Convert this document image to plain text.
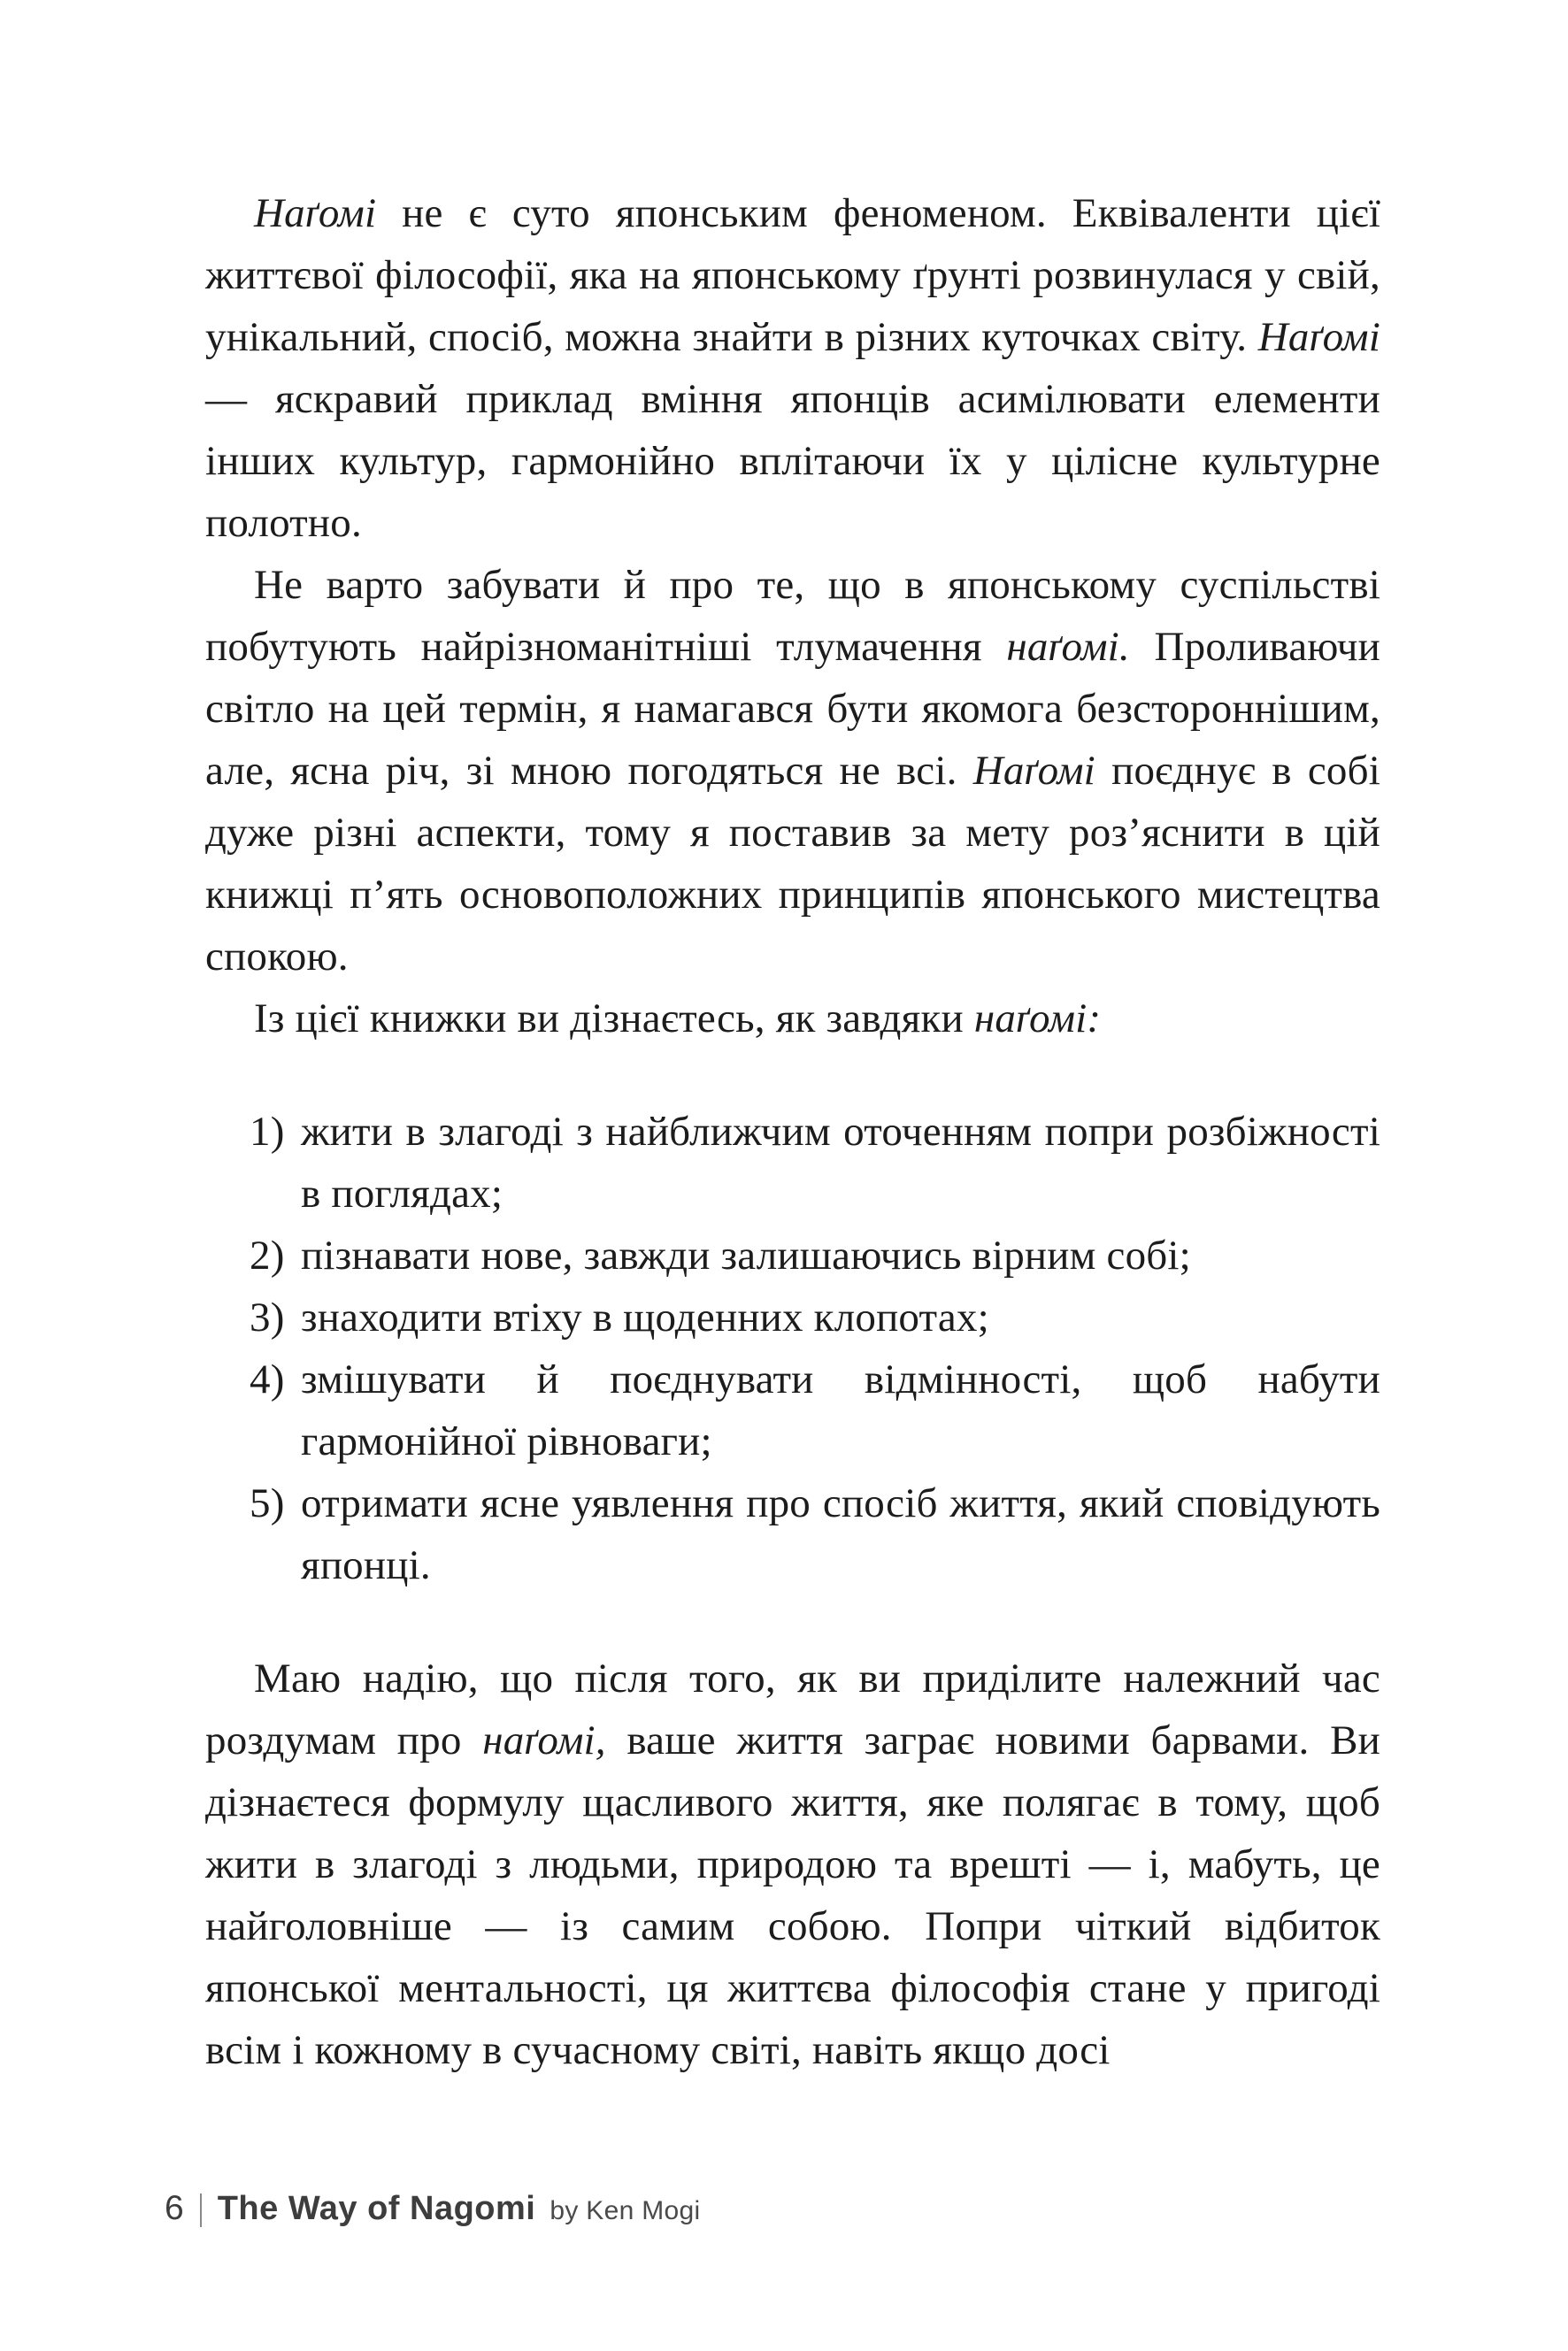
Наґомі не є суто японським феноменом. Еквіваленти цієї життєвої філософії, яка на японському ґрунті розвинулася у свій, унікальний, спосіб, можна знайти в різних куточках світу. Наґомі — яскравий приклад вміння японців асимілювати елементи інших культур, гармонійно вплітаючи їх у цілісне культурне полотно.

Не варто забувати й про те, що в японському суспільстві побутують найрізноманітніші тлумачення наґомі. Проливаючи світло на цей термін, я намагався бути якомога безстороннішим, але, ясна річ, зі мною погодяться не всі. Наґомі поєднує в собі дуже різні аспекти, тому я поставив за мету роз’яснити в цій книжці п’ять основоположних принципів японського мистецтва спокою.

Із цієї книжки ви дізнаєтесь, як завдяки наґомі:

1) жити в злагоді з найближчим оточенням попри розбіжності в поглядах;
2) пізнавати нове, завжди залишаючись вірним собі;
3) знаходити втіху в щоденних клопотах;
4) змішувати й поєднувати відмінності, щоб набути гармонійної рівноваги;
5) отримати ясне уявлення про спосіб життя, який сповідують японці.

Маю надію, що після того, як ви приділите належний час роздумам про наґомі, ваше життя заграє новими барвами. Ви дізнаєтеся формулу щасливого життя, яке полягає в тому, щоб жити в злагоді з людьми, природою та врешті — і, мабуть, це найголовніше — із самим собою. Попри чіткий відбиток японської ментальності, ця життєва філософія стане у пригоді всім і кожному в сучасному світі, навіть якщо досі

6 The Way of Nagomi by Ken Mogi
